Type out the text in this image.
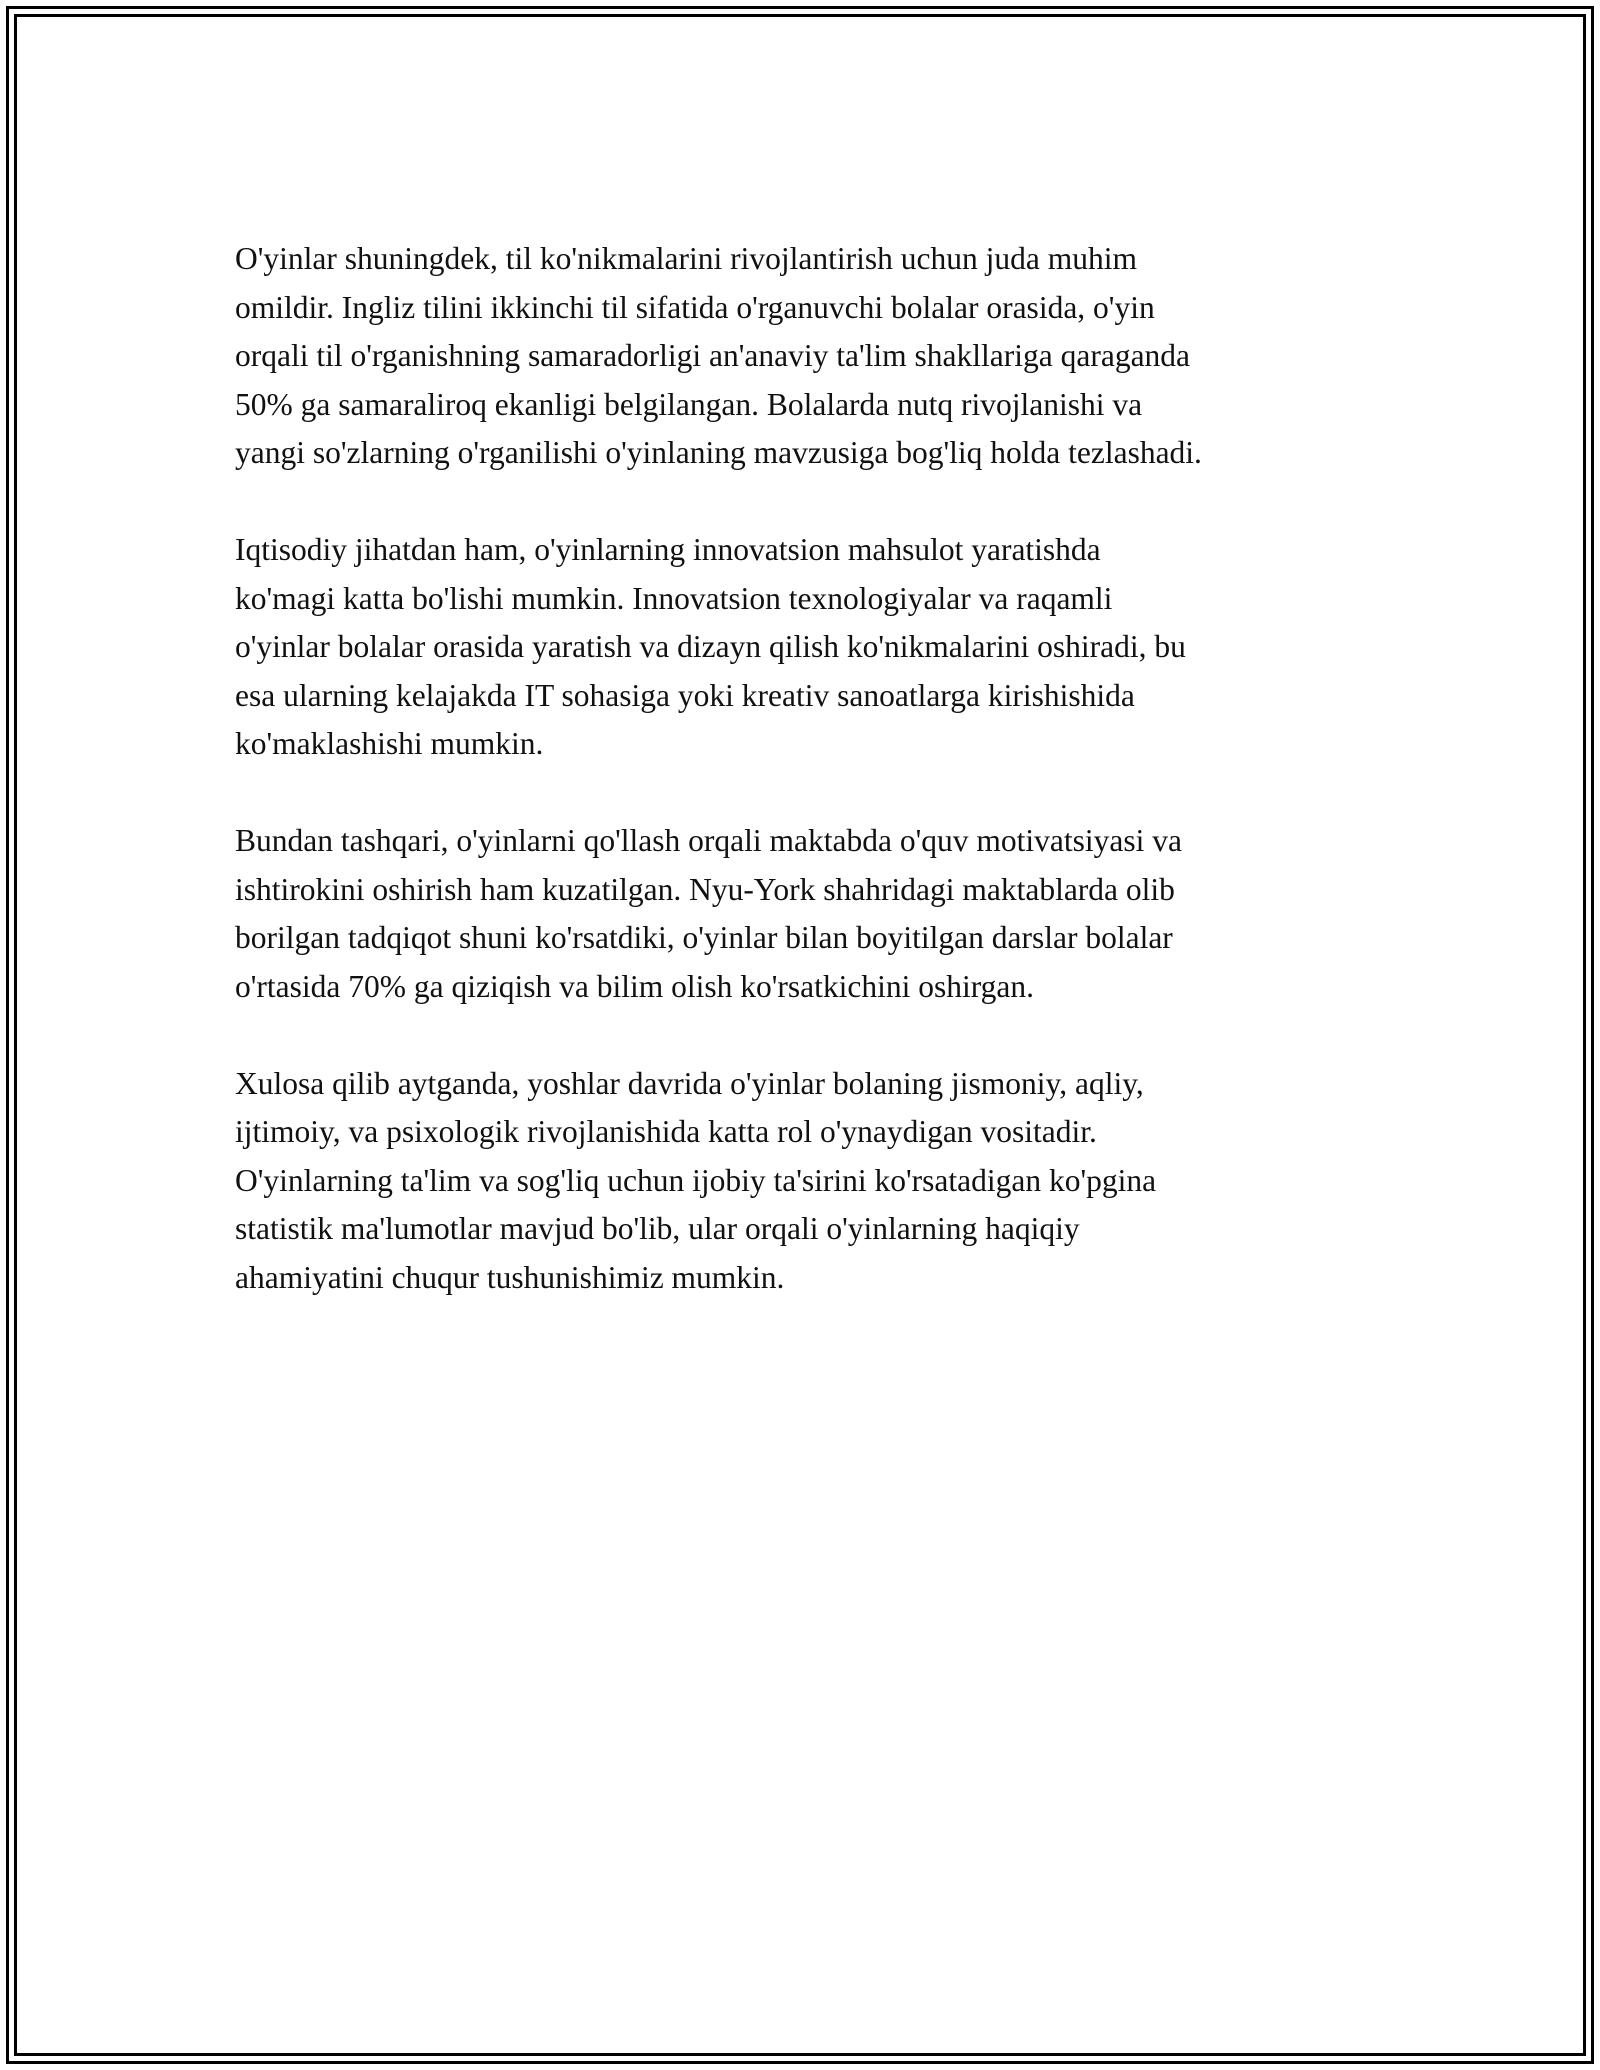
O'yinlar shuningdek, til ko'nikmalarini rivojlantirish uchun juda muhim
omildir. Ingliz tilini ikkinchi til sifatida o'rganuvchi bolalar orasida, o'yin
orqali til o'rganishning samaradorligi an'anaviy ta'lim shakllariga qaraganda
50% ga samaraliroq ekanligi belgilangan. Bolalarda nutq rivojlanishi va
yangi so'zlarning o'rganilishi o'yinlaning mavzusiga bog'liq holda tezlashadi.

Iqtisodiy jihatdan ham, o'yinlarning innovatsion mahsulot yaratishda
ko'magi katta bo'lishi mumkin. Innovatsion texnologiyalar va raqamli
o'yinlar bolalar orasida yaratish va dizayn qilish ko'nikmalarini oshiradi, bu
esa ularning kelajakda IT sohasiga yoki kreativ sanoatlarga kirishishida
ko'maklashishi mumkin.

Bundan tashqari, o'yinlarni qo'llash orqali maktabda o'quv motivatsiyasi va
ishtirokini oshirish ham kuzatilgan. Nyu-York shahridagi maktablarda olib
borilgan tadqiqot shuni ko'rsatdiki, o'yinlar bilan boyitilgan darslar bolalar
o'rtasida 70% ga qiziqish va bilim olish ko'rsatkichini oshirgan.

Xulosa qilib aytganda, yoshlar davrida o'yinlar bolaning jismoniy, aqliy,
ijtimoiy, va psixologik rivojlanishida katta rol o'ynaydigan vositadir.
O'yinlarning ta'lim va sog'liq uchun ijobiy ta'sirini ko'rsatadigan ko'pgina
statistik ma'lumotlar mavjud bo'lib, ular orqali o'yinlarning haqiqiy
ahamiyatini chuqur tushunishimiz mumkin.
